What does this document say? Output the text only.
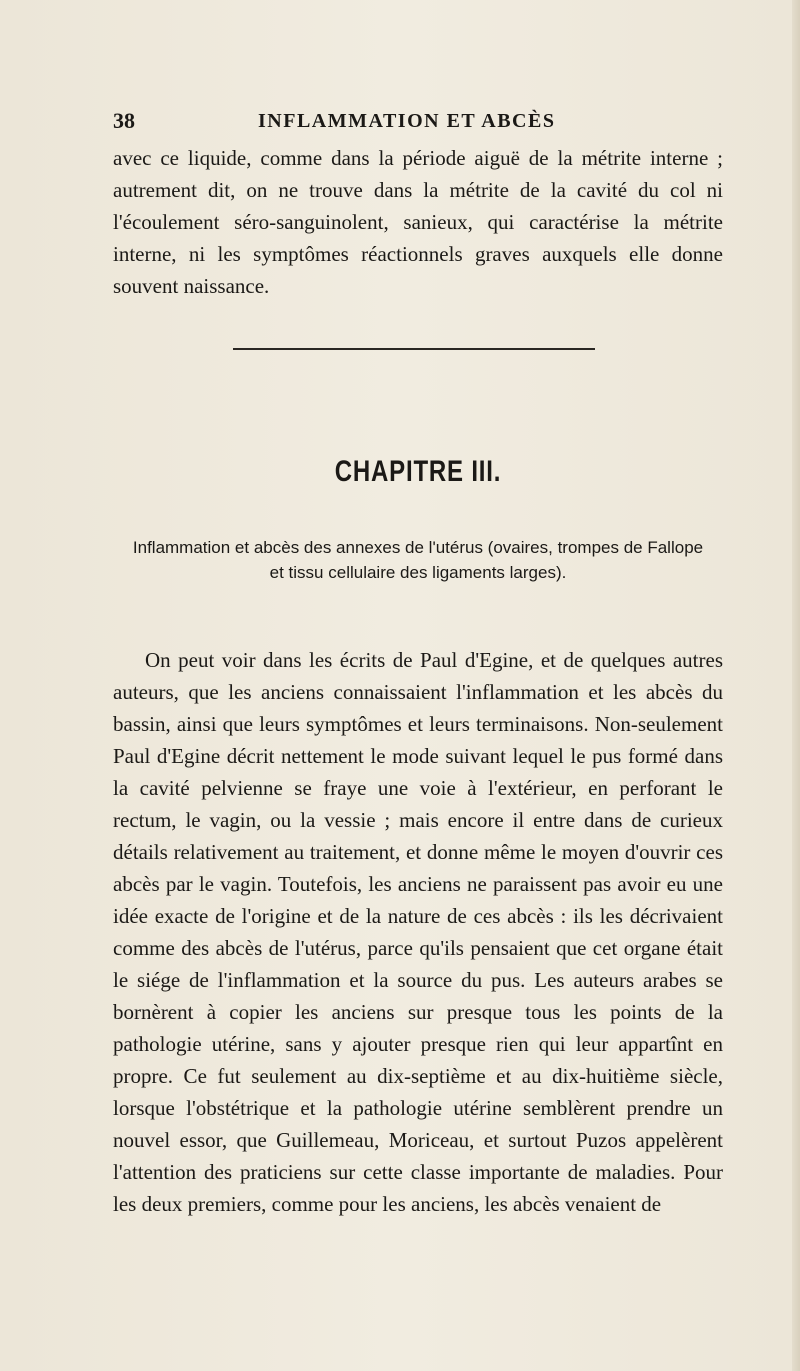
38	INFLAMMATION ET ABCÈS

avec ce liquide, comme dans la période aiguë de la métrite interne ; autrement dit, on ne trouve dans la métrite de la cavité du col ni l'écoulement séro-sanguinolent, sanieux, qui caractérise la métrite interne, ni les symptômes réactionnels graves auxquels elle donne souvent naissance.

CHAPITRE III.
Inflammation et abcès des annexes de l'utérus (ovaires, trompes de Fallope
et tissu cellulaire des ligaments larges).

On peut voir dans les écrits de Paul d'Egine, et de quelques autres auteurs, que les anciens connaissaient l'inflammation et les abcès du bassin, ainsi que leurs symptômes et leurs terminaisons. Non-seulement Paul d'Egine décrit nettement le mode suivant lequel le pus formé dans la cavité pelvienne se fraye une voie à l'extérieur, en perforant le rectum, le vagin, ou la vessie ; mais encore il entre dans de curieux détails relativement au traitement, et donne même le moyen d'ouvrir ces abcès par le vagin. Toutefois, les anciens ne paraissent pas avoir eu une idée exacte de l'origine et de la nature de ces abcès : ils les décrivaient comme des abcès de l'utérus, parce qu'ils pensaient que cet organe était le siége de l'inflammation et la source du pus. Les auteurs arabes se bornèrent à copier les anciens sur presque tous les points de la pathologie utérine, sans y ajouter presque rien qui leur appartînt en propre. Ce fut seulement au dix-septième et au dix-huitième siècle, lorsque l'obstétrique et la pathologie utérine semblèrent prendre un nouvel essor, que Guillemeau, Moriceau, et surtout Puzos appelèrent l'attention des praticiens sur cette classe importante de maladies. Pour les deux premiers, comme pour les anciens, les abcès venaient de
